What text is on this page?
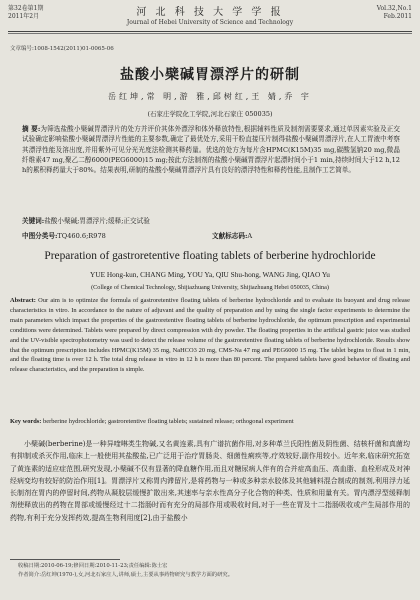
第32卷第1期
2011年2月	河 北 科 技 大 学 学 报
Journal of Hebei University of Science and Technology
Vol.32,No.1
Feb.2011
文章编号:1008-1542(2011)01-0065-06
盐酸小檗碱胃漂浮片的研制
岳红坤,常 明,游 雅,邱树红,王 婧,乔 宇
(石家庄学院化工学院,河北石家庄 050035)
摘 要:为筛选盐酸小檗碱胃漂浮片的处方并评价其体外漂浮和体外释放特性,根据辅料性质及制剂需要要求,通过单因素实验及正交试验确定影响盐酸小檗碱胃漂浮片性能的主要参数,确定了最优处方,采用干粉直接压片制得盐酸小檗碱胃漂浮片,在人工胃液中考察其漂浮性能及溶出度,并用紫外可见分光光度法检测其释药量。优选的处方为每片含HPMC(K15M)35 mg,碳酸氢钠20 mg,微晶纤维素47 mg,聚乙二醇6000(PEG6000)15 mg;按此方法制剂的盐酸小檗碱胃漂浮片起漂时间小于1 min,持续时间大于12 h,12 h的累积释药量大于80%。结果表明,研制的盐酸小檗碱胃漂浮片具有良好的漂浮特性和释药性能,且制作工艺简单。
关键词:盐酸小檗碱;胃漂浮片;缓释;正交试验
中图分类号:TQ460.6;R978	文献标志码:A
Preparation of gastroretentive floating tablets of berberine hydrochloride
YUE Hong-kun, CHANG Ming, YOU Ya, QIU Shu-hong, WANG Jing, QIAO Yu
(College of Chemical Technology, Shijiazhuang University, Shijiazhuang Hebei 050035, China)
Abstract: Our aim is to optimize the formula of gastroretentive floating tablets of berberine hydrochloride and to evaluate its buoyant and drug release characteristics in vitro. In accordance to the nature of adjuvant and the quality of preparation and by using the single factor experiments to determine the main parameters which impact the properties of the gastroretentive floating tablets of berberine hydrochloride, the optimum prescription and experimental conditions were determined. Tablets were prepared by direct compression with dry powder. The floating properties in the artificial gastric juice was studied and the UV-visible spectrophotometry was used to detect the release volume of the gastroretentive floating tablets of berberine hydrochloride. Results show that the optimum prescription includes HPMC(K15M) 35 mg, NaHCO3 20 mg, CMS-Na 47 mg and PEG6000 15 mg. The tablet begins to float in 1 min, and the floating time is over 12 h. The total drug release in vitro in 12 h is more than 80 percent. The prepared tablets have good behavior of floating and release characteristics, and the preparation is simple.
Key words: berberine hydrochloride; gastroretentive floating tablets; sustained release; orthogonal experiment
小檗碱(berberine)是一种异喹啉类生物碱,又名黄连素,具有广谱抗菌作用,对多种革兰氏阳性菌及阴性菌、结核杆菌和真菌均有抑制或杀灭作用,临床上一般使用其盐酸盐,已广泛用于治疗胃肠炎、细菌性痢疾等,疗效较好,副作用较小。近年来,临床研究拓宽了黄连素的适应症范围,研究发现,小檗碱不仅有显著的降血糖作用,而且对糖尿病人伴有的合并症高血压、高血脂、血栓形成及对神经病变均有较好的防治作用[1]。胃漂浮片又称胃内滞留片,是将药物与一种或多种亲水胶体及其他辅料混合制成的制剂,利用浮力延长制剂在胃内的停留时间,药物从凝胶层缓慢扩散出来,其速率与亲水性高分子化合物的种类、性质和用量有关。胃内漂浮型缓释制剂使释放出的药物在胃部或缓慢经过十二指肠时而有充分的局部作用或吸收时间,对于一些在胃及十二指肠吸收或产生局部作用的药物,有利于充分发挥药效,提高生物利用度[2],由于盐酸小
收稿日期:2010-06-19;修回日期:2010-11-23;责任编辑:陈士宏
作者简介:岳红坤(1970-),女,河北石家庄人,讲师,硕士,主要从事药物研究与教学方面的研究。
